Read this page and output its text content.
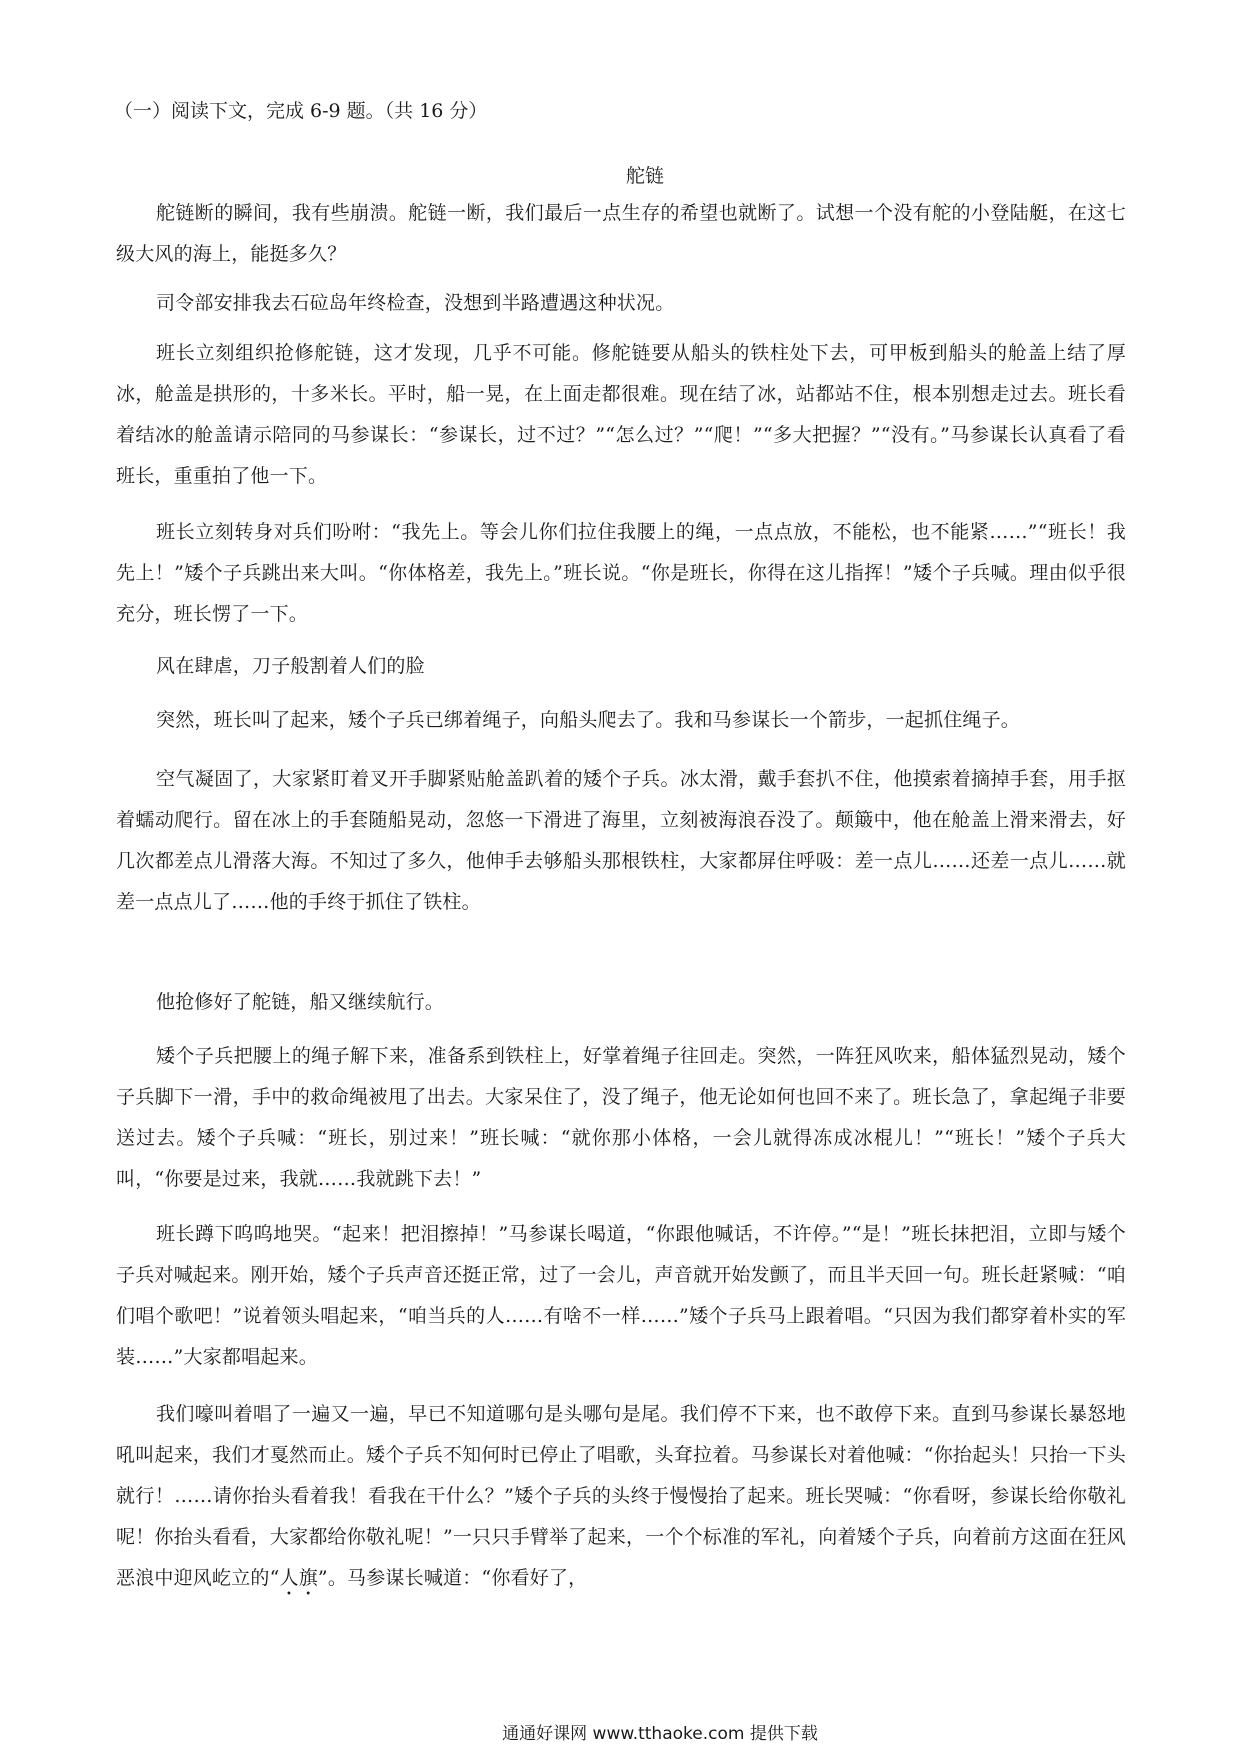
（一）阅读下文，完成 6-9 题。（共 16 分）
舵链

舵链断的瞬间，我有些崩溃。舵链一断，我们最后一点生存的希望也就断了。试想一个没有舵的小登陆艇，在这七级大风的海上，能挺多久？

司令部安排我去石砬岛年终检查，没想到半路遭遇这种状况。

班长立刻组织抢修舵链，这才发现，几乎不可能。修舵链要从船头的铁柱处下去，可甲板到船头的舱盖上结了厚冰，舱盖是拱形的，十多米长。平时，船一晃，在上面走都很难。现在结了冰，站都站不住，根本别想走过去。班长看着结冰的舱盖请示陪同的马参谋长：“参谋长，过不过？”“怎么过？”“爬！”“多大把握？”“没有。”马参谋长认真看了看班长，重重拍了他一下。

班长立刻转身对兵们吩咐：“我先上。等会儿你们拉住我腰上的绳，一点点放，不能松，也不能紧……”“班长！我先上！”矮个子兵跳出来大叫。“你体格差，我先上。”班长说。“你是班长，你得在这儿指挥！”矮个子兵喊。理由似乎很充分，班长愣了一下。

风在肆虐，刀子般割着人们的脸

突然，班长叫了起来，矮个子兵已绑着绳子，向船头爬去了。我和马参谋长一个箭步，一起抓住绳子。

空气凝固了，大家紧盯着叉开手脚紧贴舱盖趴着的矮个子兵。冰太滑，戴手套扒不住，他摸索着摘掉手套，用手抠着蠕动爬行。留在冰上的手套随船晃动，忽悠一下滑进了海里，立刻被海浪吞没了。颠簸中，他在舱盖上滑来滑去，好几次都差点儿滑落大海。不知过了多久，他伸手去够船头那根铁柱，大家都屏住呼吸：差一点儿……还差一点儿……就差一点点儿了……他的手终于抓住了铁柱。

他抢修好了舵链，船又继续航行。

矮个子兵把腰上的绳子解下来，准备系到铁柱上，好掌着绳子往回走。突然，一阵狂风吹来，船体猛烈晃动，矮个子兵脚下一滑，手中的救命绳被甩了出去。大家呆住了，没了绳子，他无论如何也回不来了。班长急了，拿起绳子非要送过去。矮个子兵喊：“班长，别过来！”班长喊：“就你那小体格，一会儿就得冻成冰棍儿！”“班长！”矮个子兵大叫，“你要是过来，我就……我就跳下去！”

班长蹲下呜呜地哭。“起来！把泪擦掉！”马参谋长喝道，“你跟他喊话，不许停。”“是！”班长抹把泪，立即与矮个子兵对喊起来。刚开始，矮个子兵声音还挺正常，过了一会儿，声音就开始发颤了，而且半天回一句。班长赶紧喊：“咱们唱个歌吧！”说着领头唱起来，“咱当兵的人……有啥不一样……”矮个子兵马上跟着唱。“只因为我们都穿着朴实的军装……”大家都唱起来。

我们嚎叫着唱了一遍又一遍，早已不知道哪句是头哪句是尾。我们停不下来，也不敢停下来。直到马参谋长暴怒地吼叫起来，我们才戛然而止。矮个子兵不知何时已停止了唱歌，头耷拉着。马参谋长对着他喊：“你抬起头！只抬一下头就行！……请你抬头看着我！看我在干什么？”矮个子兵的头终于慢慢抬了起来。班长哭喊：“你看呀，参谋长给你敬礼呢！你抬头看看，大家都给你敬礼呢！”一只只手臂举了起来，一个个标准的军礼，向着矮个子兵，向着前方这面在狂风恶浪中迎风屹立的“人旗”。马参谋长喊道：“你看好了，

通通好课网 www.tthaoke.com 提供下载
